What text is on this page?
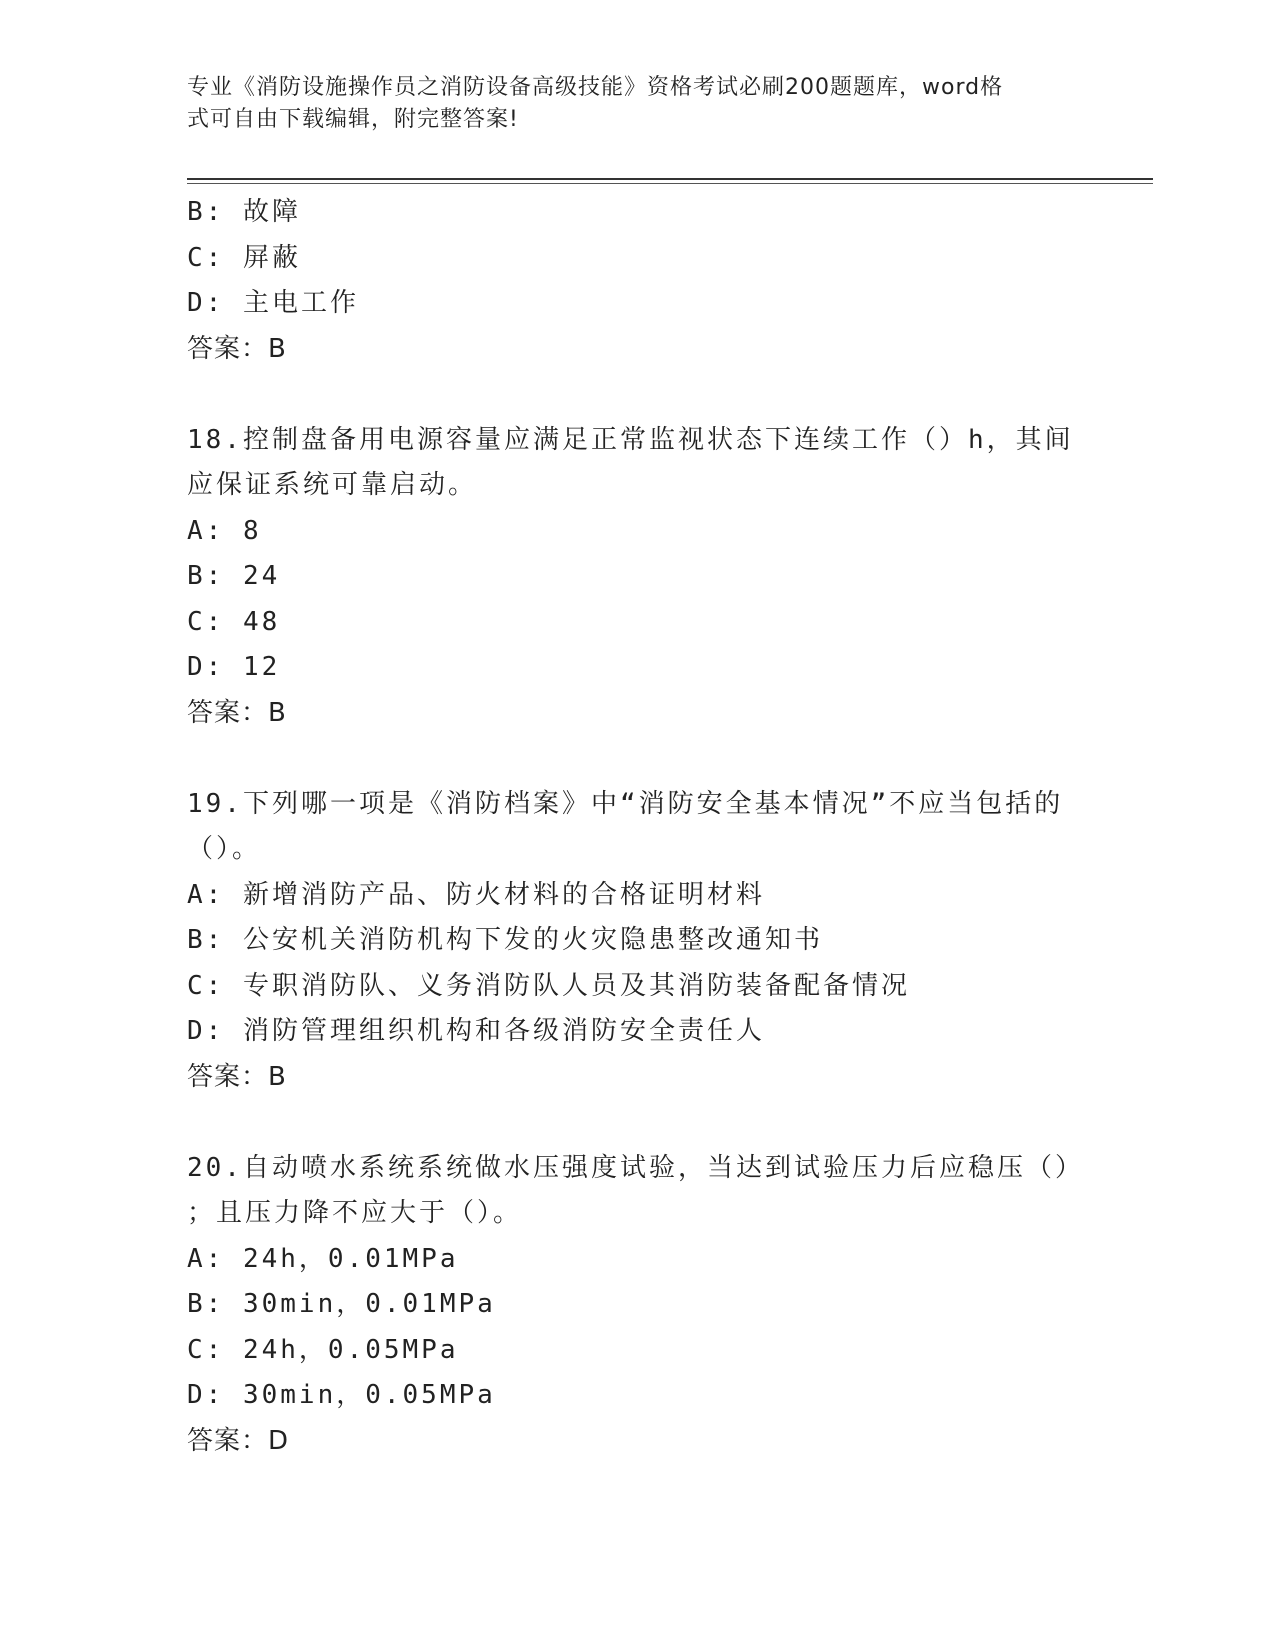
专业《消防设施操作员之消防设备高级技能》资格考试必刷200题题库，word格
式可自由下载编辑，附完整答案!
B: 故障
C: 屏蔽
D: 主电工作
答案：B
18.控制盘备用电源容量应满足正常监视状态下连续工作（）h，其间
应保证系统可靠启动。
A: 8
B: 24
C: 48
D: 12
答案：B
19.下列哪一项是《消防档案》中“消防安全基本情况”不应当包括的
（）。
A: 新增消防产品、防火材料的合格证明材料
B: 公安机关消防机构下发的火灾隐患整改通知书
C: 专职消防队、义务消防队人员及其消防装备配备情况
D: 消防管理组织机构和各级消防安全责任人
答案：B
20.自动喷水系统系统做水压强度试验，当达到试验压力后应稳压（）
；且压力降不应大于（）。
A: 24h，0.01MPa
B: 30min，0.01MPa
C: 24h，0.05MPa
D: 30min，0.05MPa
答案：D
